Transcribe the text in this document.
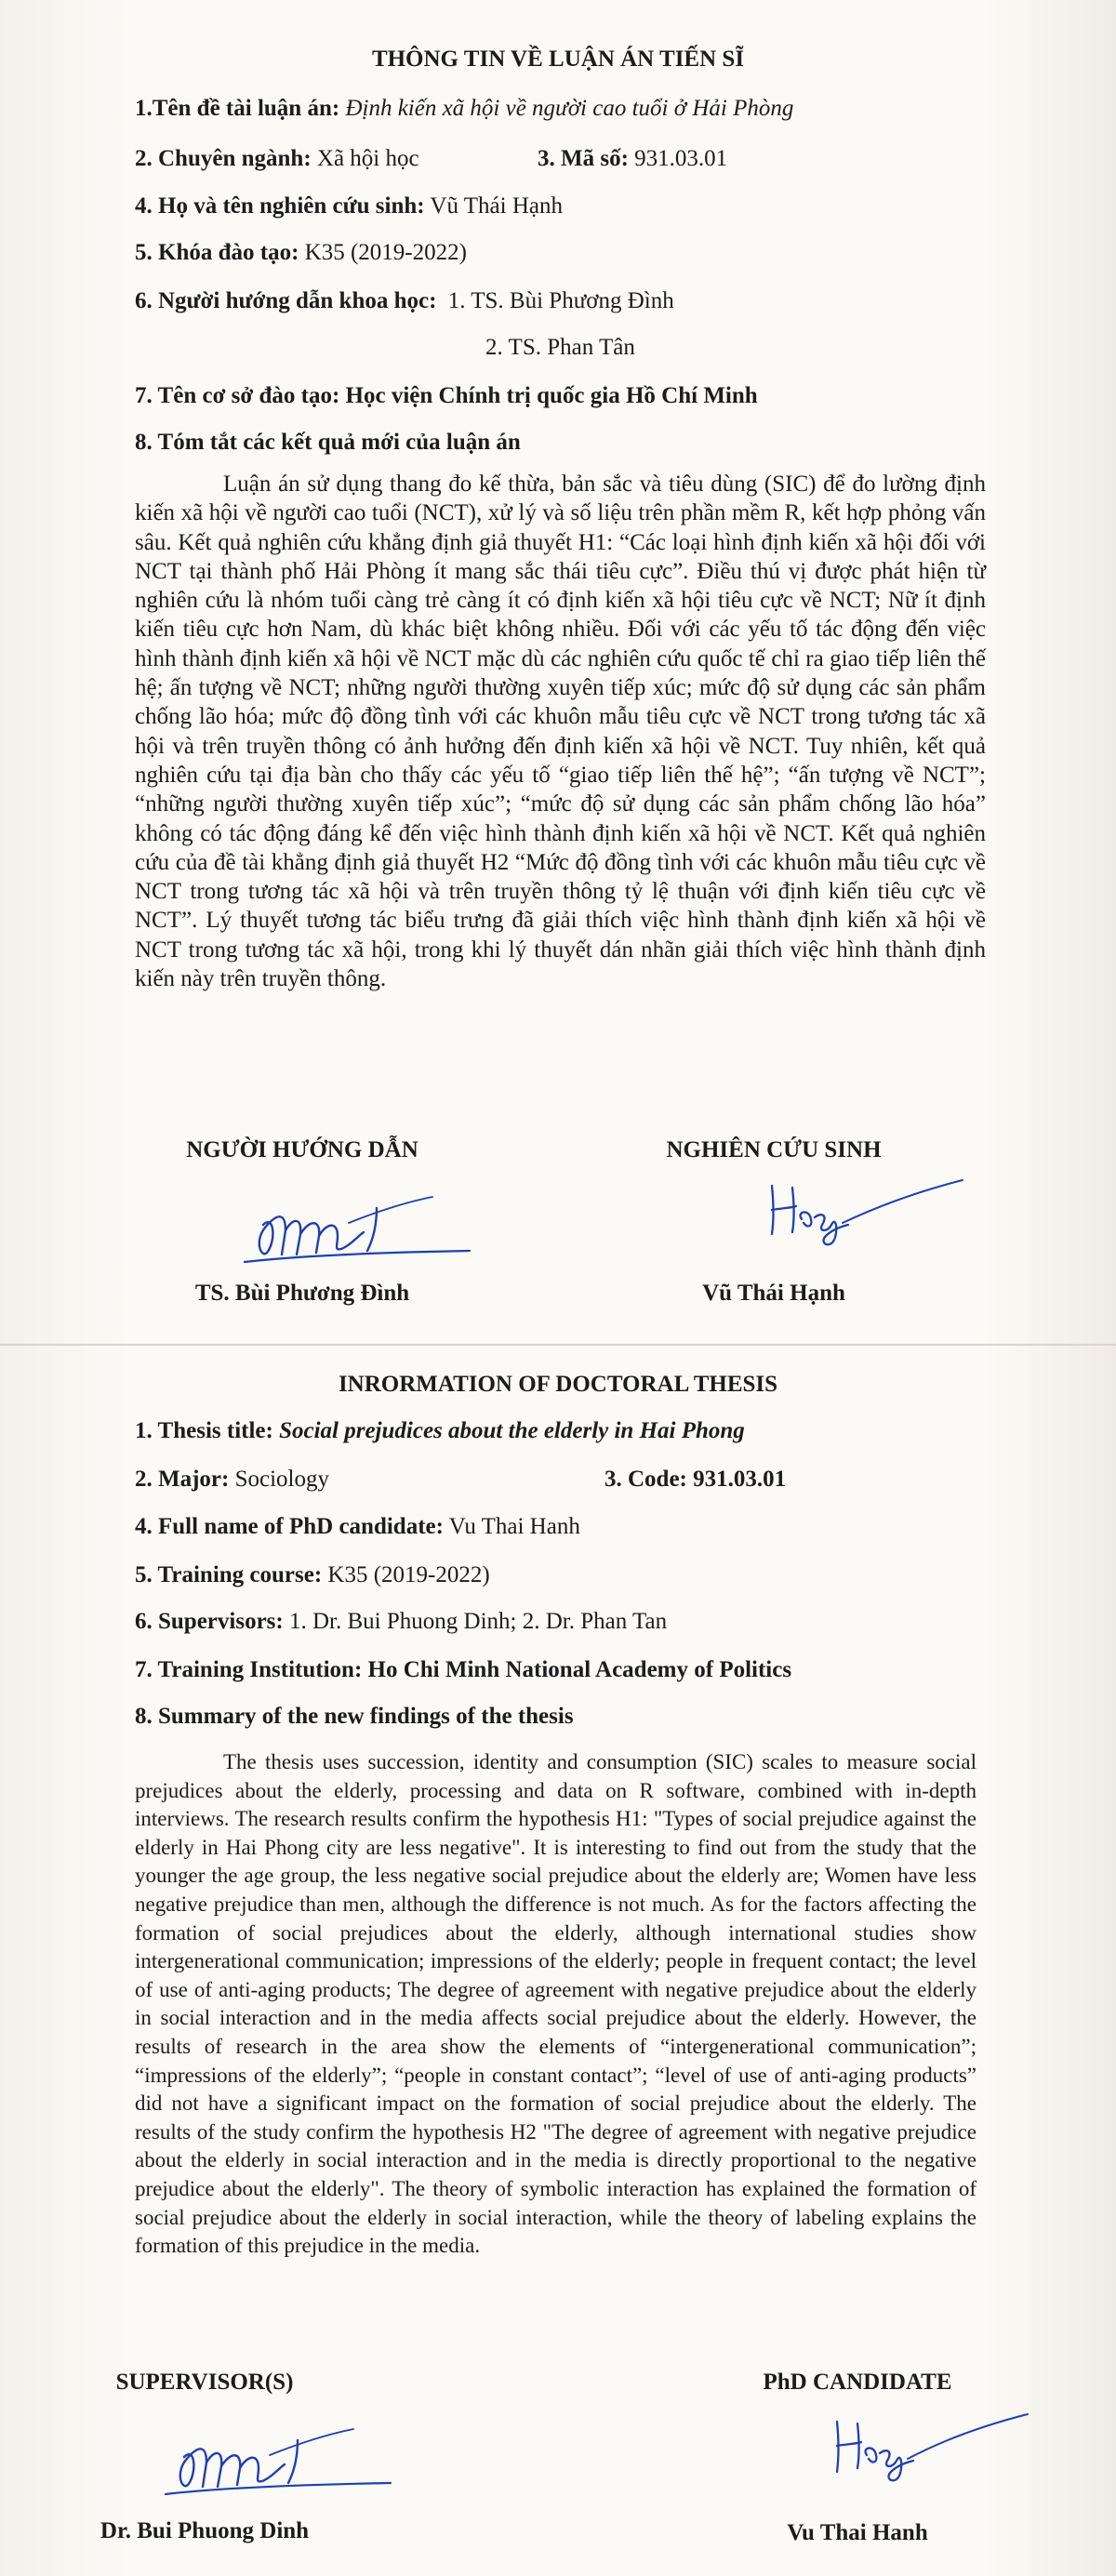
THÔNG TIN VỀ LUẬN ÁN TIẾN SĨ
1.Tên đề tài luận án: Định kiến xã hội về người cao tuổi ở Hải Phòng
2. Chuyên ngành: Xã hội học	3. Mã số: 931.03.01
4. Họ và tên nghiên cứu sinh: Vũ Thái Hạnh
5. Khóa đào tạo: K35 (2019-2022)
6. Người hướng dẫn khoa học: 1. TS. Bùi Phương Đình
2. TS. Phan Tân
7. Tên cơ sở đào tạo: Học viện Chính trị quốc gia Hồ Chí Minh
8. Tóm tắt các kết quả mới của luận án
Luận án sử dụng thang đo kế thừa, bản sắc và tiêu dùng (SIC) để đo lường định kiến xã hội về người cao tuổi (NCT), xử lý và số liệu trên phần mềm R, kết hợp phỏng vấn sâu. Kết quả nghiên cứu khẳng định giả thuyết H1: “Các loại hình định kiến xã hội đối với NCT tại thành phố Hải Phòng ít mang sắc thái tiêu cực”. Điều thú vị được phát hiện từ nghiên cứu là nhóm tuổi càng trẻ càng ít có định kiến xã hội tiêu cực về NCT; Nữ ít định kiến tiêu cực hơn Nam, dù khác biệt không nhiều. Đối với các yếu tố tác động đến việc hình thành định kiến xã hội về NCT mặc dù các nghiên cứu quốc tế chỉ ra giao tiếp liên thế hệ; ấn tượng về NCT; những người thường xuyên tiếp xúc; mức độ sử dụng các sản phẩm chống lão hóa; mức độ đồng tình với các khuôn mẫu tiêu cực về NCT trong tương tác xã hội và trên truyền thông có ảnh hưởng đến định kiến xã hội về NCT. Tuy nhiên, kết quả nghiên cứu tại địa bàn cho thấy các yếu tố “giao tiếp liên thế hệ”; “ấn tượng về NCT”; “những người thường xuyên tiếp xúc”; “mức độ sử dụng các sản phẩm chống lão hóa” không có tác động đáng kể đến việc hình thành định kiến xã hội về NCT. Kết quả nghiên cứu của đề tài khẳng định giả thuyết H2 “Mức độ đồng tình với các khuôn mẫu tiêu cực về NCT trong tương tác xã hội và trên truyền thông tỷ lệ thuận với định kiến tiêu cực về NCT”. Lý thuyết tương tác biểu trưng đã giải thích việc hình thành định kiến xã hội về NCT trong tương tác xã hội, trong khi lý thuyết dán nhãn giải thích việc hình thành định kiến này trên truyền thông.
NGƯỜI HƯỚNG DẪN	NGHIÊN CỨU SINH
TS. Bùi Phương Đình	Vũ Thái Hạnh
INRORMATION OF DOCTORAL THESIS
1. Thesis title: Social prejudices about the elderly in Hai Phong
2. Major: Sociology	3. Code: 931.03.01
4. Full name of PhD candidate: Vu Thai Hanh
5. Training course: K35 (2019-2022)
6. Supervisors: 1. Dr. Bui Phuong Dinh; 2. Dr. Phan Tan
7. Training Institution: Ho Chi Minh National Academy of Politics
8. Summary of the new findings of the thesis
The thesis uses succession, identity and consumption (SIC) scales to measure social prejudices about the elderly, processing and data on R software, combined with in-depth interviews. The research results confirm the hypothesis H1: "Types of social prejudice against the elderly in Hai Phong city are less negative". It is interesting to find out from the study that the younger the age group, the less negative social prejudice about the elderly are; Women have less negative prejudice than men, although the difference is not much. As for the factors affecting the formation of social prejudices about the elderly, although international studies show intergenerational communication; impressions of the elderly; people in frequent contact; the level of use of anti-aging products; The degree of agreement with negative prejudice about the elderly in social interaction and in the media affects social prejudice about the elderly. However, the results of research in the area show the elements of “intergenerational communication”; “impressions of the elderly”; “people in constant contact”; “level of use of anti-aging products” did not have a significant impact on the formation of social prejudice about the elderly. The results of the study confirm the hypothesis H2 "The degree of agreement with negative prejudice about the elderly in social interaction and in the media is directly proportional to the negative prejudice about the elderly". The theory of symbolic interaction has explained the formation of social prejudice about the elderly in social interaction, while the theory of labeling explains the formation of this prejudice in the media.
SUPERVISOR(S)	PhD CANDIDATE
Dr. Bui Phuong Dinh	Vu Thai Hanh
